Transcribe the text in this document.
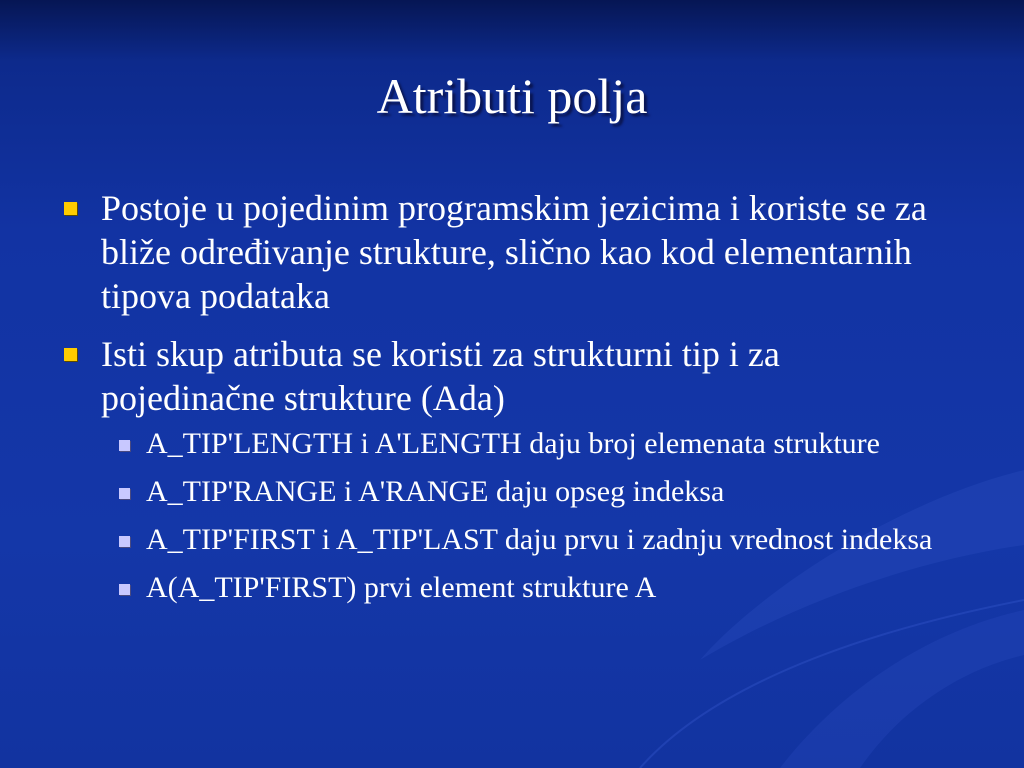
Atributi polja
Postoje u pojedinim programskim jezicima i koriste se za bliže određivanje strukture, slično kao kod elementarnih tipova podataka
Isti skup atributa se koristi za strukturni tip i za pojedinačne strukture (Ada)
A_TIP'LENGTH i A'LENGTH daju broj elemenata strukture
A_TIP'RANGE i A'RANGE daju opseg indeksa
A_TIP'FIRST i A_TIP'LAST daju prvu i zadnju vrednost indeksa
A(A_TIP'FIRST) prvi element strukture A
